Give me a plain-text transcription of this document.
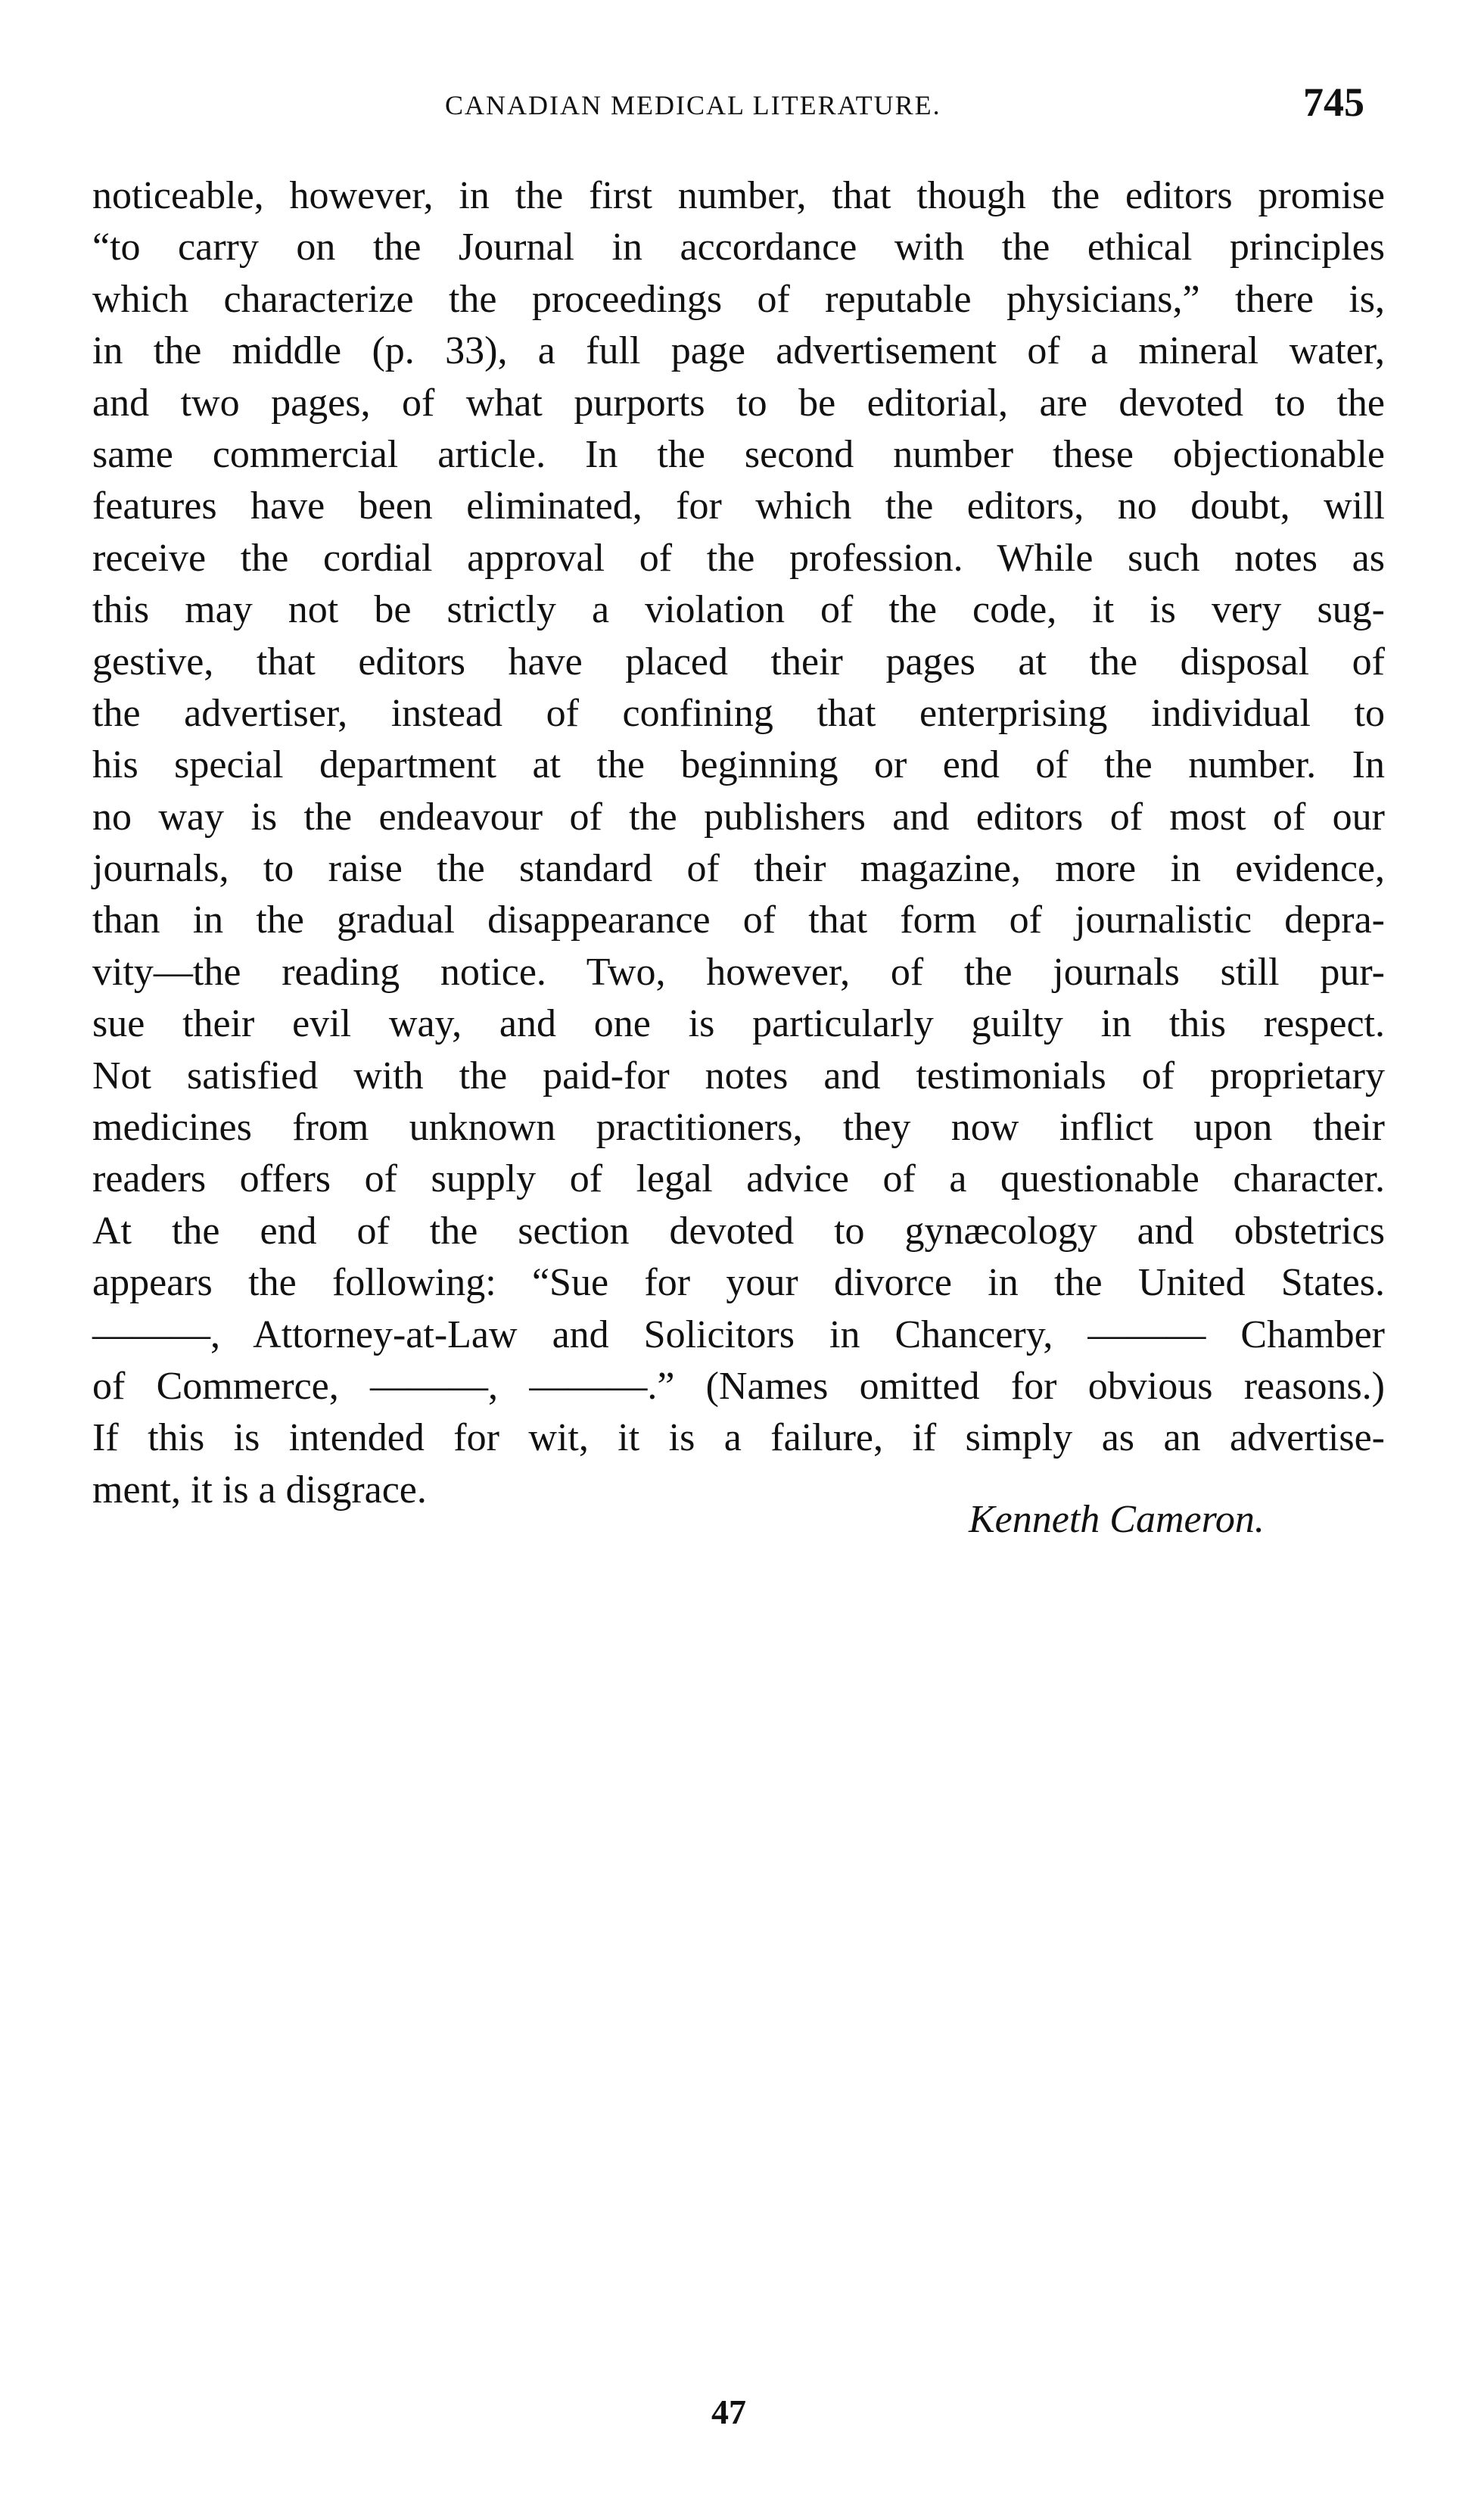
CANADIAN MEDICAL LITERATURE.	745
noticeable, however, in the first number, that though the editors promise
“to carry on the Journal in accordance with the ethical principles
which characterize the proceedings of reputable physicians,” there is,
in the middle (p. 33), a full page advertisement of a mineral water,
and two pages, of what purports to be editorial, are devoted to the
same commercial article. In the second number these objectionable
features have been eliminated, for which the editors, no doubt, will
receive the cordial approval of the profession. While such notes as
this may not be strictly a violation of the code, it is very sug-
gestive, that editors have placed their pages at the disposal of
the advertiser, instead of confining that enterprising individual to
his special department at the beginning or end of the number. In
no way is the endeavour of the publishers and editors of most of our
journals, to raise the standard of their magazine, more in evidence,
than in the gradual disappearance of that form of journalistic depra-
vity—the reading notice. Two, however, of the journals still pur-
sue their evil way, and one is particularly guilty in this respect.
Not satisfied with the paid-for notes and testimonials of proprietary
medicines from unknown practitioners, they now inflict upon their
readers offers of supply of legal advice of a questionable character.
At the end of the section devoted to gynæcology and obstetrics
appears the following: “Sue for your divorce in the United States.
———, Attorney-at-Law and Solicitors in Chancery, ——— Chamber
of Commerce, ———, ———.” (Names omitted for obvious reasons.)
If this is intended for wit, it is a failure, if simply as an advertise-
ment, it is a disgrace.
Kenneth Cameron.
47
